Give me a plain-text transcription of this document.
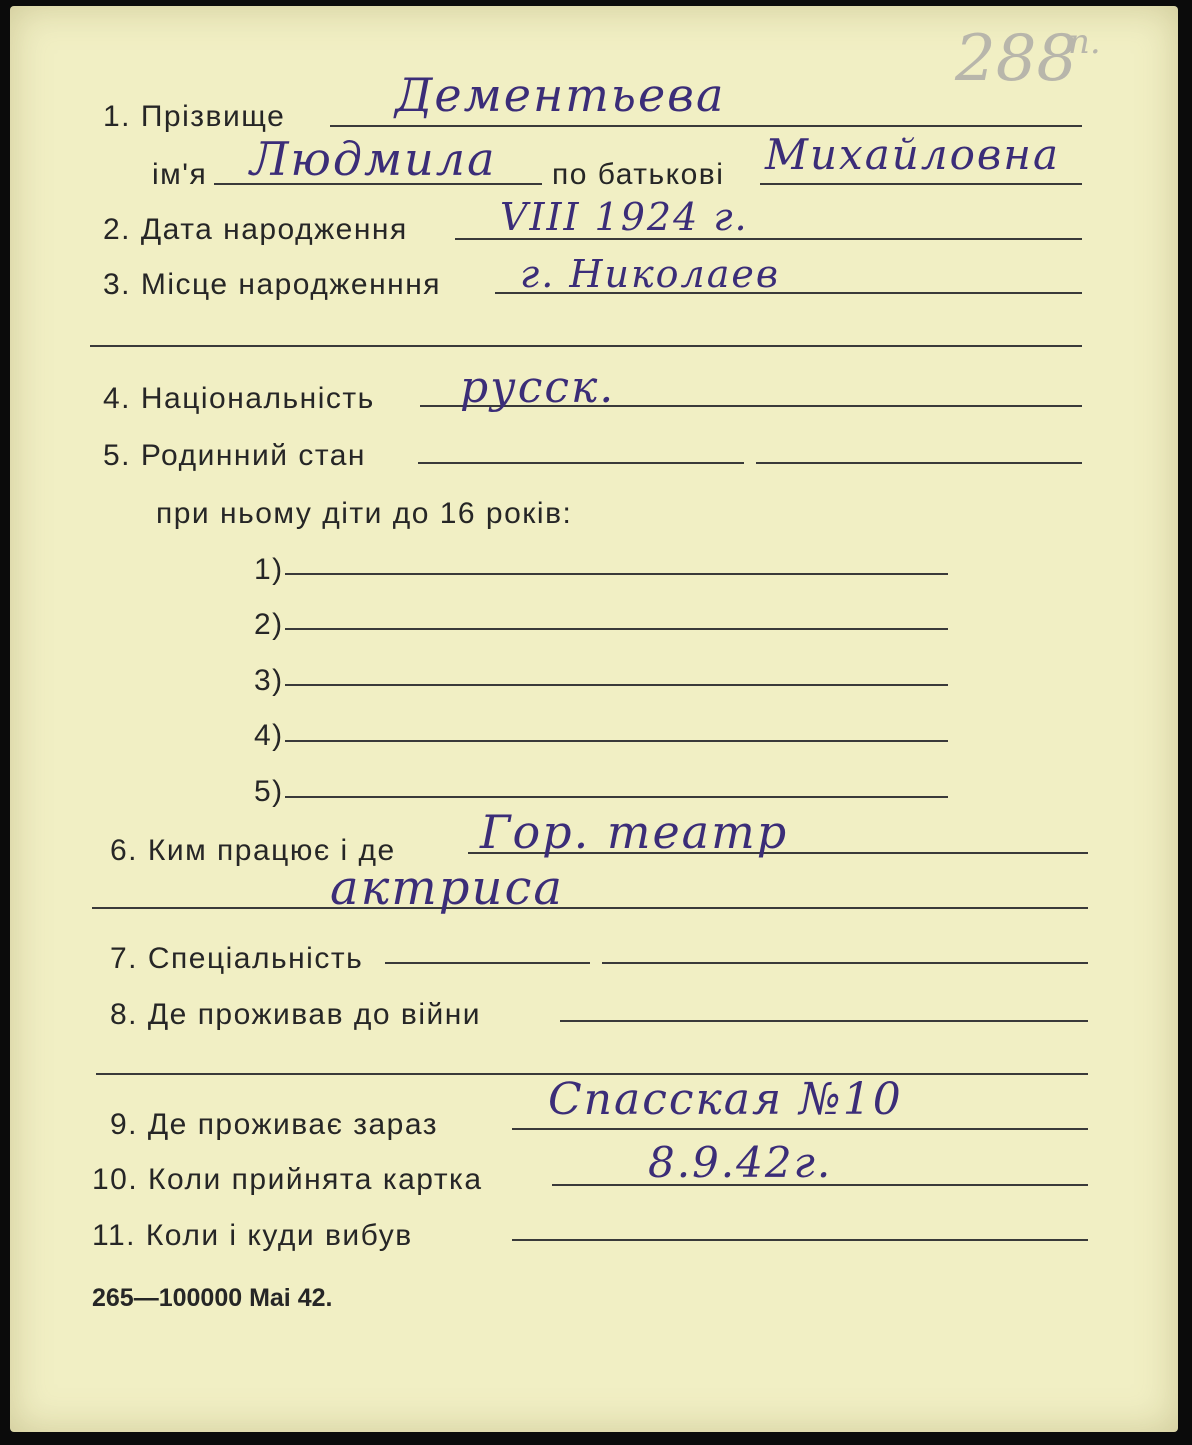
288
п.
1. Прізвище Дементьева
ім'я Людмила по батькові Михайловна
2. Дата народження VIII 1924 г.
3. Місце народженння г. Николаев
4. Національність русск.
5. Родинний стан
при ньому діти до 16 років:
1)
2)
3)
4)
5)
6. Ким працює і де Гор. театр
актриса
7. Спеціальність
8. Де проживав до війни
9. Де проживає зараз	Спасская №10
10. Коли прийнята картка	8.9.42г.
11. Коли і куди вибув
265—100000 Mai 42.
